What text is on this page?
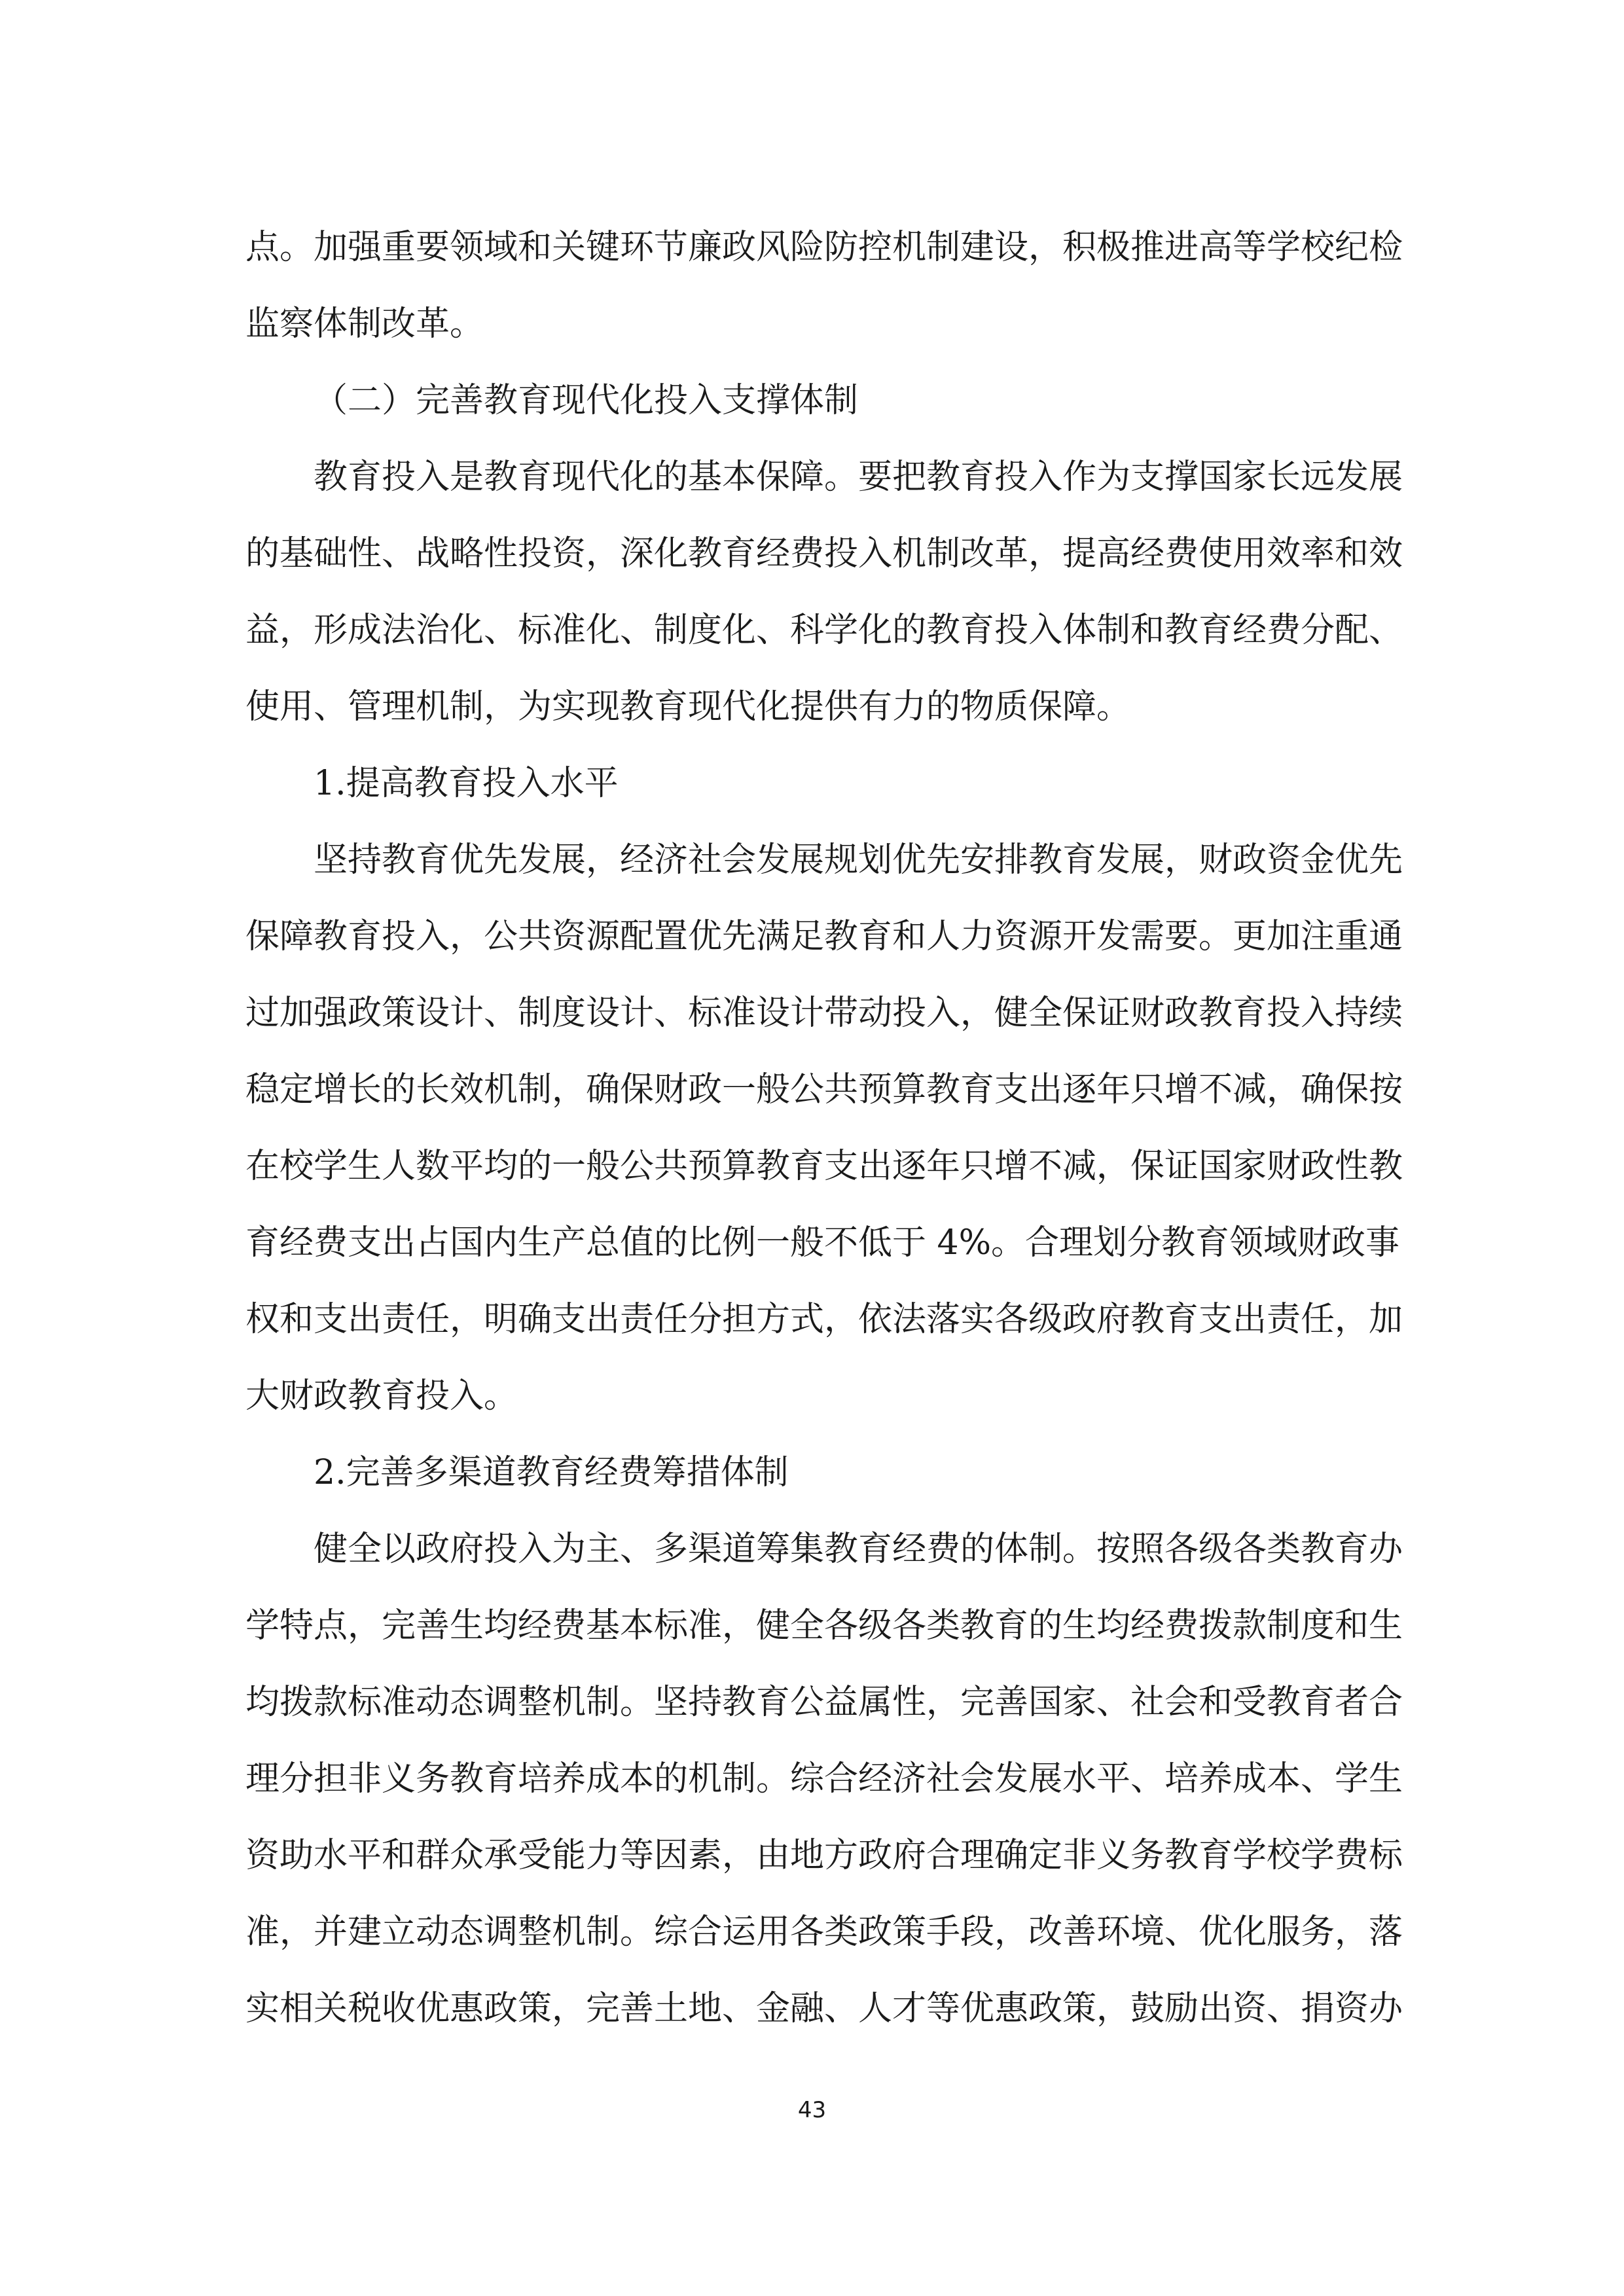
点。加强重要领域和关键环节廉政风险防控机制建设，积极推进高等学校纪检
监察体制改革。
（二）完善教育现代化投入支撑体制
教育投入是教育现代化的基本保障。要把教育投入作为支撑国家长远发展
的基础性、战略性投资，深化教育经费投入机制改革，提高经费使用效率和效
益，形成法治化、标准化、制度化、科学化的教育投入体制和教育经费分配、
使用、管理机制，为实现教育现代化提供有力的物质保障。
1.提高教育投入水平
坚持教育优先发展，经济社会发展规划优先安排教育发展，财政资金优先
保障教育投入，公共资源配置优先满足教育和人力资源开发需要。更加注重通
过加强政策设计、制度设计、标准设计带动投入，健全保证财政教育投入持续
稳定增长的长效机制，确保财政一般公共预算教育支出逐年只增不减，确保按
在校学生人数平均的一般公共预算教育支出逐年只增不减，保证国家财政性教
育经费支出占国内生产总值的比例一般不低于 4%。合理划分教育领域财政事
权和支出责任，明确支出责任分担方式，依法落实各级政府教育支出责任，加
大财政教育投入。
2.完善多渠道教育经费筹措体制
健全以政府投入为主、多渠道筹集教育经费的体制。按照各级各类教育办
学特点，完善生均经费基本标准，健全各级各类教育的生均经费拨款制度和生
均拨款标准动态调整机制。坚持教育公益属性，完善国家、社会和受教育者合
理分担非义务教育培养成本的机制。综合经济社会发展水平、培养成本、学生
资助水平和群众承受能力等因素，由地方政府合理确定非义务教育学校学费标
准，并建立动态调整机制。综合运用各类政策手段，改善环境、优化服务，落
实相关税收优惠政策，完善土地、金融、人才等优惠政策，鼓励出资、捐资办
43
